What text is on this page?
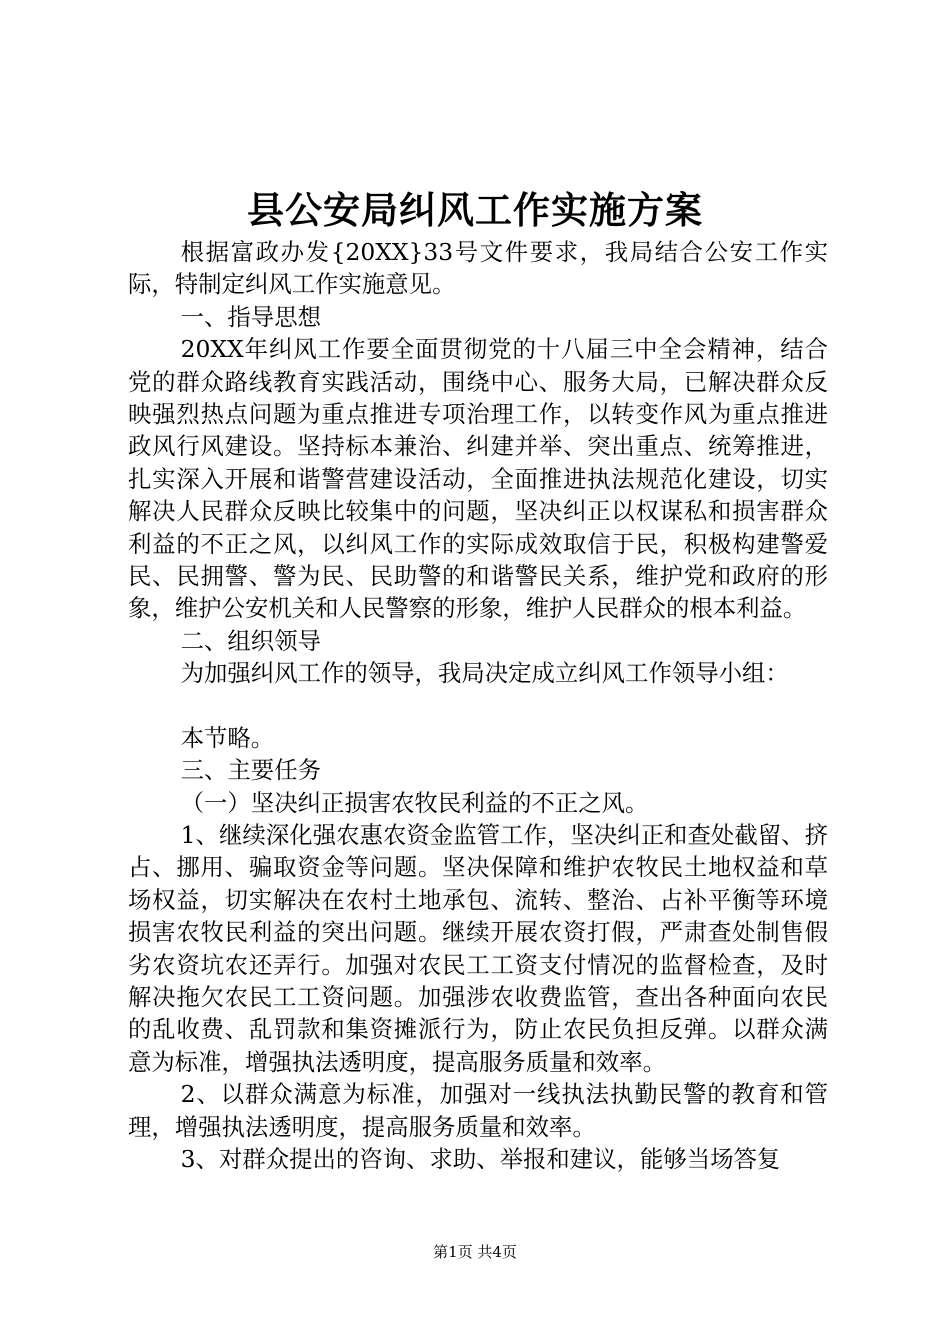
县公安局纠风工作实施方案

根据富政办发{20XX}33号文件要求，我局结合公安工作实际，特制定纠风工作实施意见。

一、指导思想

20XX年纠风工作要全面贯彻党的十八届三中全会精神，结合党的群众路线教育实践活动，围绕中心、服务大局，已解决群众反映强烈热点问题为重点推进专项治理工作，以转变作风为重点推进政风行风建设。坚持标本兼治、纠建并举、突出重点、统筹推进，扎实深入开展和谐警营建设活动，全面推进执法规范化建设，切实解决人民群众反映比较集中的问题，坚决纠正以权谋私和损害群众利益的不正之风，以纠风工作的实际成效取信于民，积极构建警爱民、民拥警、警为民、民助警的和谐警民关系，维护党和政府的形象，维护公安机关和人民警察的形象，维护人民群众的根本利益。

二、组织领导

为加强纠风工作的领导，我局决定成立纠风工作领导小组：

本节略。

三、主要任务

（一）坚决纠正损害农牧民利益的不正之风。

1、继续深化强农惠农资金监管工作，坚决纠正和查处截留、挤占、挪用、骗取资金等问题。坚决保障和维护农牧民土地权益和草场权益，切实解决在农村土地承包、流转、整治、占补平衡等环境损害农牧民利益的突出问题。继续开展农资打假，严肃查处制售假劣农资坑农还弄行。加强对农民工工资支付情况的监督检查，及时解决拖欠农民工工资问题。加强涉农收费监管，查出各种面向农民的乱收费、乱罚款和集资摊派行为，防止农民负担反弹。以群众满意为标准，增强执法透明度，提高服务质量和效率。

2、以群众满意为标准，加强对一线执法执勤民警的教育和管理，增强执法透明度，提高服务质量和效率。

3、对群众提出的咨询、求助、举报和建议，能够当场答复

第1页 共4页
